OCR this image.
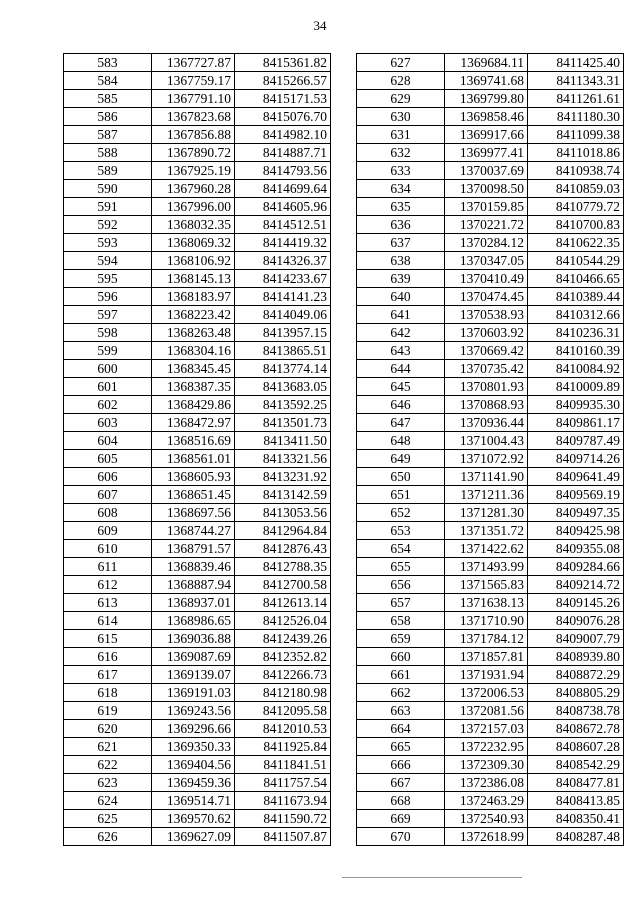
34
583	1367727.87	8415361.82
584	1367759.17	8415266.57
585	1367791.10	8415171.53
586	1367823.68	8415076.70
587	1367856.88	8414982.10
588	1367890.72	8414887.71
589	1367925.19	8414793.56
590	1367960.28	8414699.64
591	1367996.00	8414605.96
592	1368032.35	8414512.51
593	1368069.32	8414419.32
594	1368106.92	8414326.37
595	1368145.13	8414233.67
596	1368183.97	8414141.23
597	1368223.42	8414049.06
598	1368263.48	8413957.15
599	1368304.16	8413865.51
600	1368345.45	8413774.14
601	1368387.35	8413683.05
602	1368429.86	8413592.25
603	1368472.97	8413501.73
604	1368516.69	8413411.50
605	1368561.01	8413321.56
606	1368605.93	8413231.92
607	1368651.45	8413142.59
608	1368697.56	8413053.56
609	1368744.27	8412964.84
610	1368791.57	8412876.43
611	1368839.46	8412788.35
612	1368887.94	8412700.58
613	1368937.01	8412613.14
614	1368986.65	8412526.04
615	1369036.88	8412439.26
616	1369087.69	8412352.82
617	1369139.07	8412266.73
618	1369191.03	8412180.98
619	1369243.56	8412095.58
620	1369296.66	8412010.53
621	1369350.33	8411925.84
622	1369404.56	8411841.51
623	1369459.36	8411757.54
624	1369514.71	8411673.94
625	1369570.62	8411590.72
626	1369627.09	8411507.87
627	1369684.11	8411425.40
628	1369741.68	8411343.31
629	1369799.80	8411261.61
630	1369858.46	8411180.30
631	1369917.66	8411099.38
632	1369977.41	8411018.86
633	1370037.69	8410938.74
634	1370098.50	8410859.03
635	1370159.85	8410779.72
636	1370221.72	8410700.83
637	1370284.12	8410622.35
638	1370347.05	8410544.29
639	1370410.49	8410466.65
640	1370474.45	8410389.44
641	1370538.93	8410312.66
642	1370603.92	8410236.31
643	1370669.42	8410160.39
644	1370735.42	8410084.92
645	1370801.93	8410009.89
646	1370868.93	8409935.30
647	1370936.44	8409861.17
648	1371004.43	8409787.49
649	1371072.92	8409714.26
650	1371141.90	8409641.49
651	1371211.36	8409569.19
652	1371281.30	8409497.35
653	1371351.72	8409425.98
654	1371422.62	8409355.08
655	1371493.99	8409284.66
656	1371565.83	8409214.72
657	1371638.13	8409145.26
658	1371710.90	8409076.28
659	1371784.12	8409007.79
660	1371857.81	8408939.80
661	1371931.94	8408872.29
662	1372006.53	8408805.29
663	1372081.56	8408738.78
664	1372157.03	8408672.78
665	1372232.95	8408607.28
666	1372309.30	8408542.29
667	1372386.08	8408477.81
668	1372463.29	8408413.85
669	1372540.93	8408350.41
670	1372618.99	8408287.48
